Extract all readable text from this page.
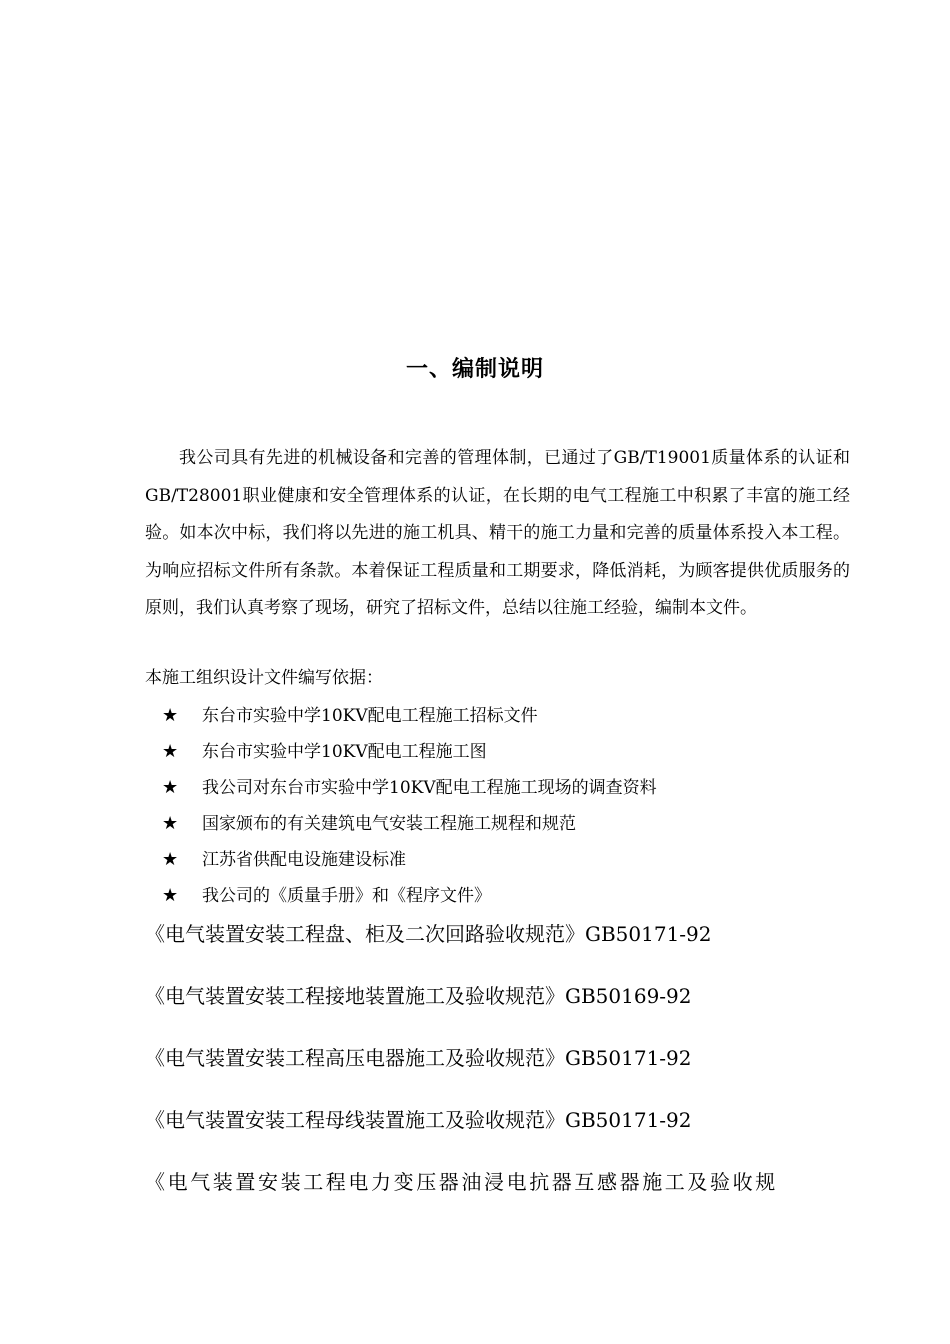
一、编制说明

我公司具有先进的机械设备和完善的管理体制，已通过了GB/T19001质量体系的认证和GB/T28001职业健康和安全管理体系的认证，在长期的电气工程施工中积累了丰富的施工经验。如本次中标，我们将以先进的施工机具、精干的施工力量和完善的质量体系投入本工程。为响应招标文件所有条款。本着保证工程质量和工期要求，降低消耗，为顾客提供优质服务的原则，我们认真考察了现场，研究了招标文件，总结以往施工经验，编制本文件。

本施工组织设计文件编写依据：
★ 东台市实验中学10KV配电工程施工招标文件
★ 东台市实验中学10KV配电工程施工图
★ 我公司对东台市实验中学10KV配电工程施工现场的调查资料
★ 国家颁布的有关建筑电气安装工程施工规程和规范
★ 江苏省供配电设施建设标准
★ 我公司的《质量手册》和《程序文件》
《电气装置安装工程盘、柜及二次回路验收规范》GB50171-92
《电气装置安装工程接地装置施工及验收规范》GB50169-92
《电气装置安装工程高压电器施工及验收规范》GB50171-92
《电气装置安装工程母线装置施工及验收规范》GB50171-92
《电气装置安装工程电力变压器油浸电抗器互感器施工及验收规
